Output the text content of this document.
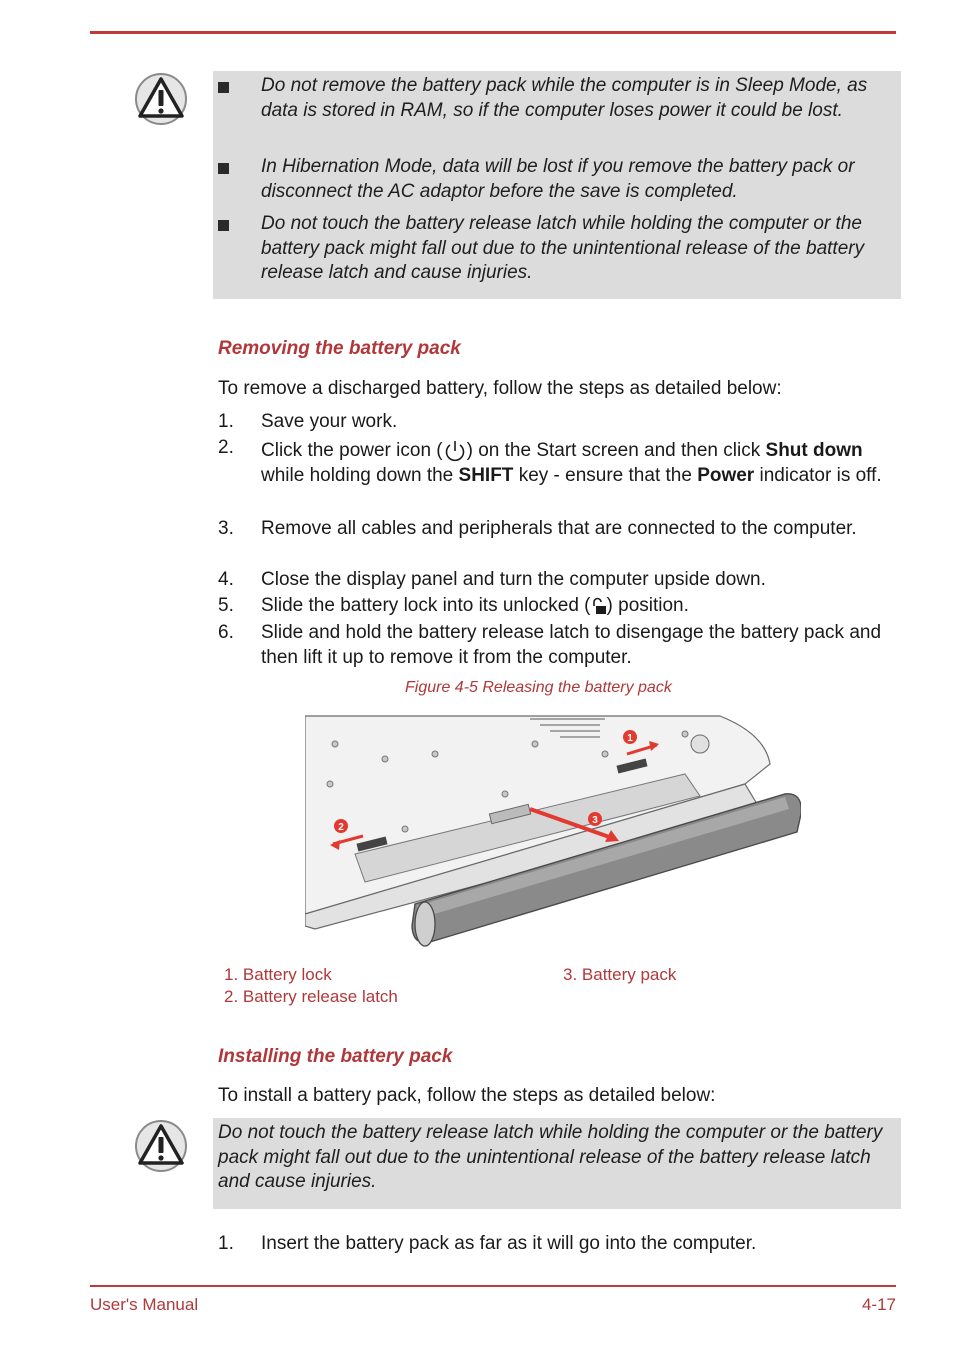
Do not remove the battery pack while the computer is in Sleep Mode, as data is stored in RAM, so if the computer loses power it could be lost.
In Hibernation Mode, data will be lost if you remove the battery pack or disconnect the AC adaptor before the save is completed.
Do not touch the battery release latch while holding the computer or the battery pack might fall out due to the unintentional release of the battery release latch and cause injuries.
Removing the battery pack
To remove a discharged battery, follow the steps as detailed below:
1. Save your work.
2. Click the power icon ( ) on the Start screen and then click Shut down while holding down the SHIFT key - ensure that the Power indicator is off.
3. Remove all cables and peripherals that are connected to the computer.
4. Close the display panel and turn the computer upside down.
5. Slide the battery lock into its unlocked ( ) position.
6. Slide and hold the battery release latch to disengage the battery pack and then lift it up to remove it from the computer.
Figure 4-5 Releasing the battery pack
1
2
3
1. Battery lock
2. Battery release latch
3. Battery pack
Installing the battery pack
To install a battery pack, follow the steps as detailed below:
Do not touch the battery release latch while holding the computer or the battery pack might fall out due to the unintentional release of the battery release latch and cause injuries.
1. Insert the battery pack as far as it will go into the computer.
User's Manual	4-17
